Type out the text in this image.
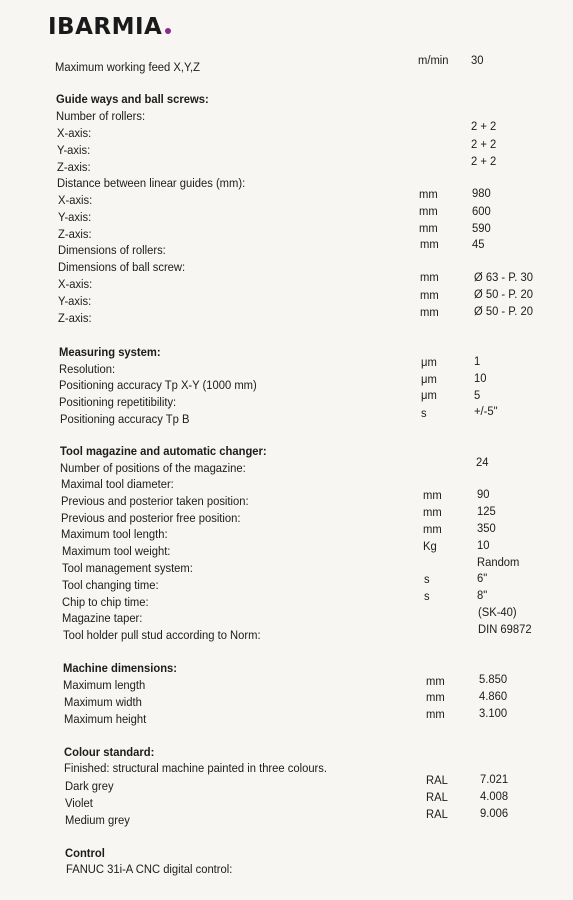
IBARMIA
Maximum working feed X,Y,Z	m/min 30
Guide ways and ball screws:
Number of rollers:
X-axis:	2 + 2
Y-axis:	2 + 2
Z-axis:	2 + 2
Distance between linear guides (mm):
X-axis:	mm	980
Y-axis:	mm	600
Z-axis:	mm	590
Dimensions of rollers:	mm	45
Dimensions of ball screw:
X-axis:	mm	Ø 63 - P. 30
Y-axis:	mm	Ø 50 - P. 20
Z-axis:	mm	Ø 50 - P. 20
Measuring system:
Resolution:	μm	1
Positioning accuracy Tp X-Y (1000 mm)	μm	10
Positioning repetitibility:	μm	5
Positioning accuracy Tp B	s	+/-5"
Tool magazine and automatic changer:
Number of positions of the magazine:	24
Maximal tool diameter:
Previous and posterior taken position:	mm	90
Previous and posterior free position:	mm	125
Maximum tool length:	mm	350
Maximum tool weight:	Kg	10
Tool management system:	Random
Tool changing time:	s	6"
Chip to chip time:	s	8"
Magazine taper:	(SK-40)
Tool holder pull stud according to Norm:	DIN 69872
Machine dimensions:
Maximum length	mm	5.850
Maximum width	mm	4.860
Maximum height	mm	3.100
Colour standard:
Finished: structural machine painted in three colours.
Dark grey	RAL	7.021
Violet	RAL	4.008
Medium grey	RAL	9.006
Control
FANUC 31i-A CNC digital control:
